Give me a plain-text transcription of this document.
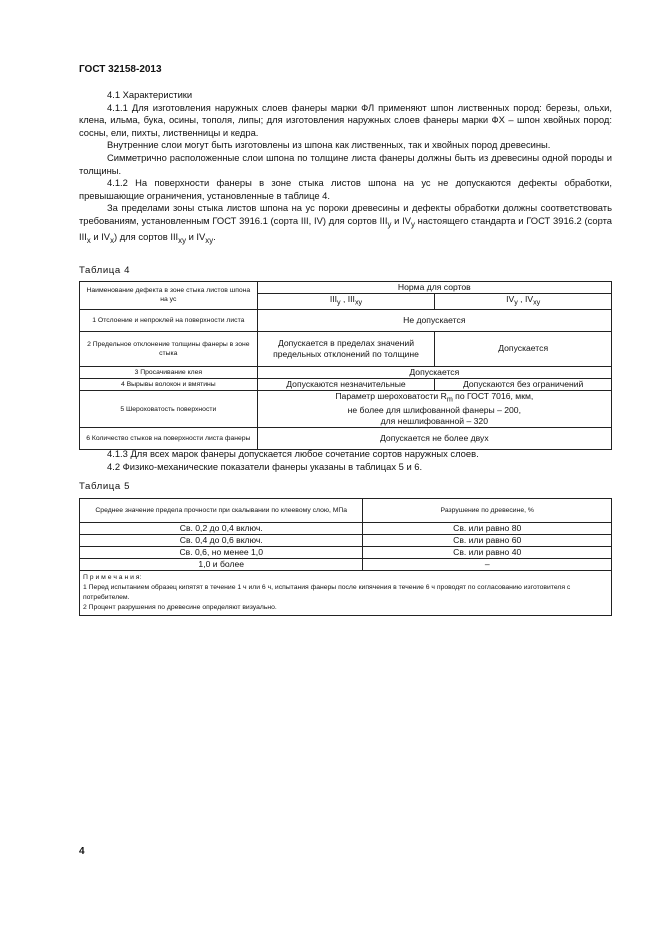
ГОСТ 32158-2013

4.1 Характеристики

4.1.1 Для изготовления наружных слоев фанеры марки ФЛ применяют шпон лиственных пород: березы, ольхи, клена, ильма, бука, осины, тополя, липы; для изготовления наружных слоев фанеры марки ФХ – шпон хвойных пород: сосны, ели, пихты, лиственницы и кедра.

Внутренние слои могут быть изготовлены из шпона как лиственных, так и хвойных пород древесины.

Симметрично расположенные слои шпона по толщине листа фанеры должны быть из древесины одной породы и толщины.

4.1.2 На поверхности фанеры в зоне стыка листов шпона на ус не допускаются дефекты обработки, превышающие ограничения, установленные в таблице 4.

За пределами зоны стыка листов шпона на ус пороки древесины и дефекты обработки должны соответствовать требованиям, установленным ГОСТ 3916.1 (сорта III, IV) для сортов $III_у$ и $IV_у$ настоящего стандарта и ГОСТ 3916.2 (сорта $III_х$ и $IV_х$) для сортов $III_{ху}$ и $IV_{ху}$.

Таблица 4
Наименование дефекта в зоне стыка листов шпона на ус	Норма для сортов	
	$III_у$ , $III_{ху}$	$IV_у$ , $IV_{ху}$
1 Отслоение и непроклей на поверхности листа	Не допускается	
2 Предельное отклонение толщины фанеры в зоне стыка	Допускается в пределах значений предельных отклонений по толщине	Допускается
3 Просачивание клея	Допускается	
4 Вырывы волокон и вмятины	Допускаются незначительные	Допускаются без ограничений
5 Шероховатость поверхности	Параметр шероховатости $R_m$ по ГОСТ 7016, мкм,
не более для шлифованной фанеры – 200,
для нешлифованной – 320	

6 Количество стыков на поверхности листа фанеры	Допускается не более двух	

4.1.3 Для всех марок фанеры допускается любое сочетание сортов наружных слоев.

4.2 Физико-механические показатели фанеры указаны в таблицах 5 и 6.

Таблица 5
Среднее значение предела прочности при скалывании по клеевому слою, МПа	Разрушение по древесине, %
Св. 0,2 до 0,4 включ.	Св. или равно 80
Св. 0,4 до 0,6 включ.	Св. или равно 60
Св. 0,6, но менее 1,0	Св. или равно 40
1,0 и более	–

П р и м е ч а н и я:
1 Перед испытанием образец кипятят в течение 1 ч или 6 ч, испытания фанеры после кипячения в течение 6 ч проводят по согласованию изготовителя с потребителем.
2 Процент разрушения по древесине определяют визуально.	
4
